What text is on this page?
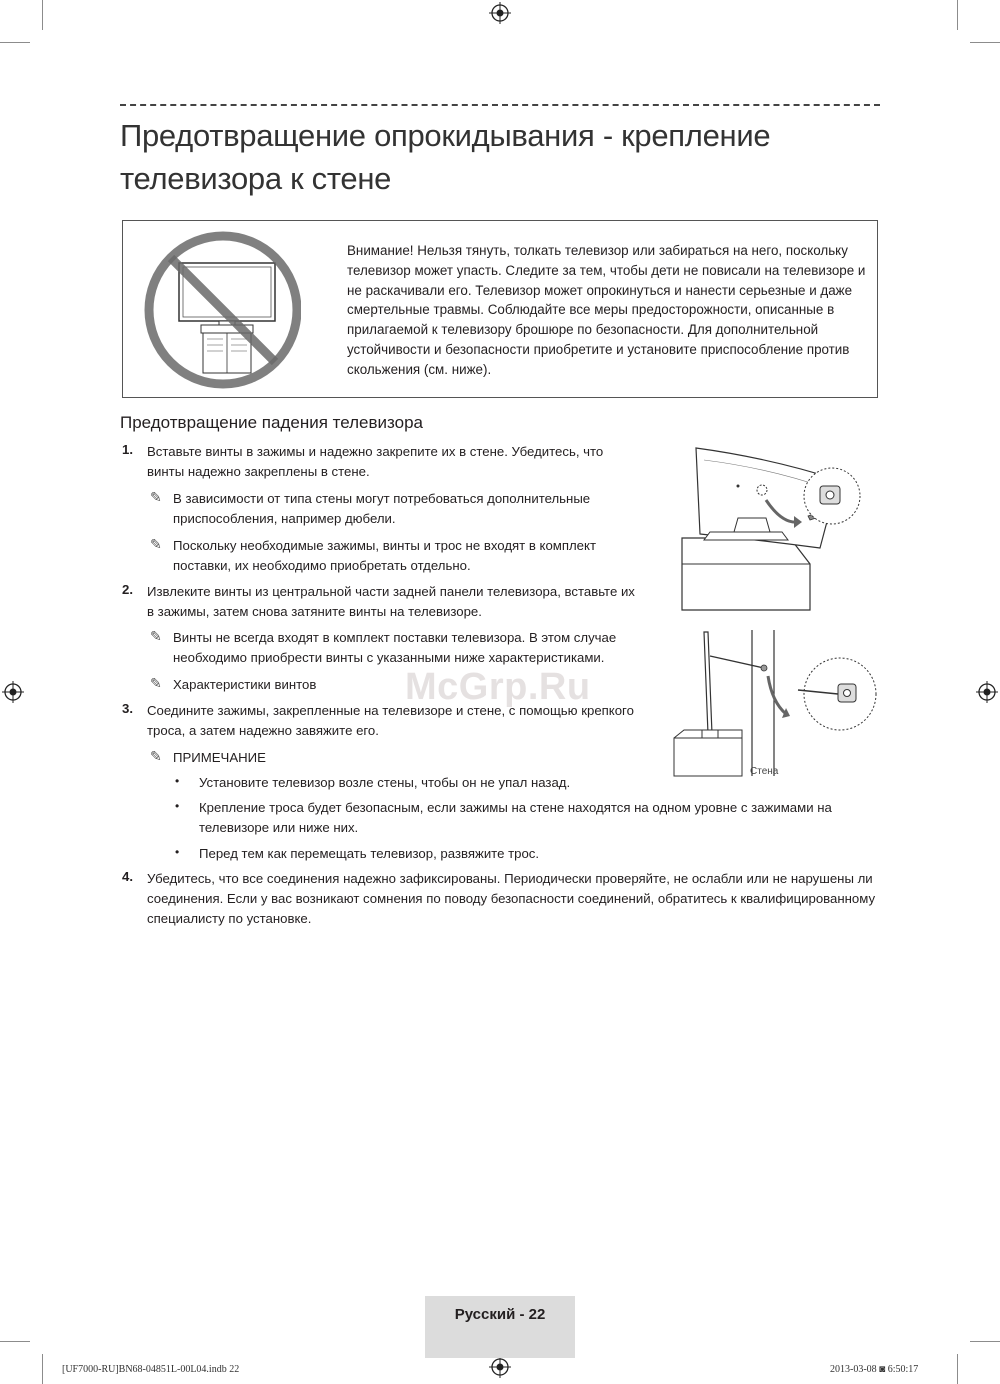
Предотвращение опрокидывания - крепление телевизора к стене
Внимание! Нельзя тянуть, толкать телевизор или забираться на него, поскольку телевизор может упасть. Следите за тем, чтобы дети не повисали на телевизоре и не раскачивали его. Телевизор может опрокинуться и нанести серьезные и даже смертельные травмы. Соблюдайте все меры предосторожности, описанные в прилагаемой к телевизору брошюре по безопасности. Для дополнительной устойчивости и безопасности приобретите и установите приспособление против скольжения (см. ниже).
Предотвращение падения телевизора
1. Вставьте винты в зажимы и надежно закрепите их в стене. Убедитесь, что винты надежно закреплены в стене.
✎ В зависимости от типа стены могут потребоваться дополнительные приспособления, например дюбели.
✎ Поскольку необходимые зажимы, винты и трос не входят в комплект поставки, их необходимо приобретать отдельно.
2. Извлеките винты из центральной части задней панели телевизора, вставьте их в зажимы, затем снова затяните винты на телевизоре.
✎ Винты не всегда входят в комплект поставки телевизора. В этом случае необходимо приобрести винты с указанными ниже характеристиками.
✎ Характеристики винтов
3. Соедините зажимы, закрепленные на телевизоре и стене, с помощью крепкого троса, а затем надежно завяжите его.
✎ ПРИМЕЧАНИЕ
• Установите телевизор возле стены, чтобы он не упал назад.
• Крепление троса будет безопасным, если зажимы на стене находятся на одном уровне с зажимами на телевизоре или ниже них.
• Перед тем как перемещать телевизор, развяжите трос.
4. Убедитесь, что все соединения надежно зафиксированы. Периодически проверяйте, не ослабли или не нарушены ли соединения. Если у вас возникают сомнения по поводу безопасности соединений, обратитесь к квалифицированному специалисту по установке.
Стена
McGrp.Ru
Русский - 22
[UF7000-RU]BN68-04851L-00L04.indb 22	2013-03-08 ◙ 6:50:17
